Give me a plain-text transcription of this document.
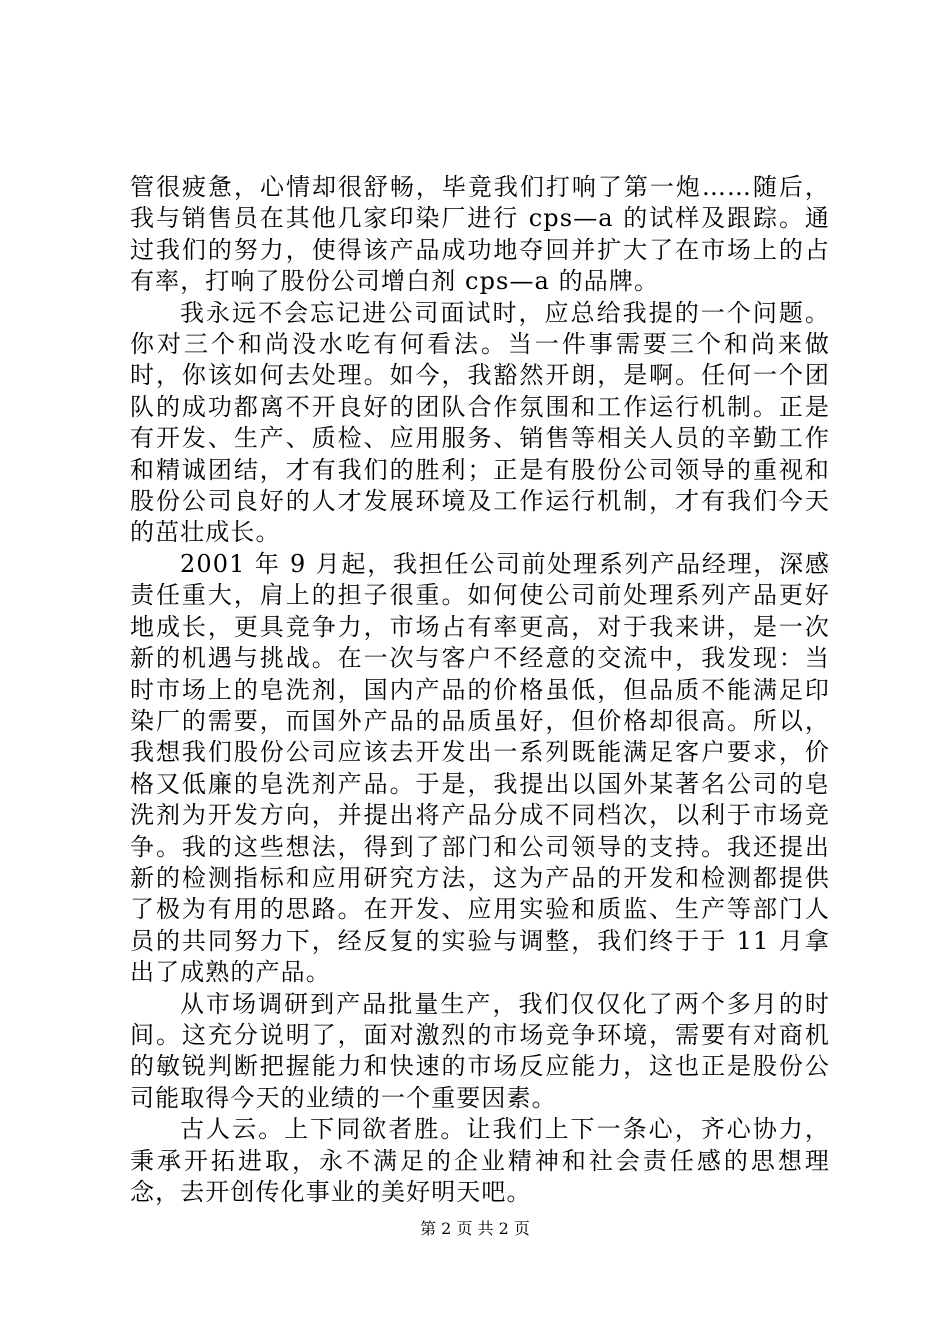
管很疲惫，心情却很舒畅，毕竟我们打响了第一炮……随后，我与销售员在其他几家印染厂进行 cps—a 的试样及跟踪。通过我们的努力，使得该产品成功地夺回并扩大了在市场上的占有率，打响了股份公司增白剂 cps—a 的品牌。

我永远不会忘记进公司面试时，应总给我提的一个问题。你对三个和尚没水吃有何看法。当一件事需要三个和尚来做时，你该如何去处理。如今，我豁然开朗，是啊。任何一个团队的成功都离不开良好的团队合作氛围和工作运行机制。正是有开发、生产、质检、应用服务、销售等相关人员的辛勤工作和精诚团结，才有我们的胜利；正是有股份公司领导的重视和股份公司良好的人才发展环境及工作运行机制，才有我们今天的茁壮成长。

2001 年 9 月起，我担任公司前处理系列产品经理，深感责任重大，肩上的担子很重。如何使公司前处理系列产品更好地成长，更具竞争力，市场占有率更高，对于我来讲，是一次新的机遇与挑战。在一次与客户不经意的交流中，我发现：当时市场上的皂洗剂，国内产品的价格虽低，但品质不能满足印染厂的需要，而国外产品的品质虽好，但价格却很高。所以，我想我们股份公司应该去开发出一系列既能满足客户要求，价格又低廉的皂洗剂产品。于是，我提出以国外某著名公司的皂洗剂为开发方向，并提出将产品分成不同档次，以利于市场竞争。我的这些想法，得到了部门和公司领导的支持。我还提出新的检测指标和应用研究方法，这为产品的开发和检测都提供了极为有用的思路。在开发、应用实验和质监、生产等部门人员的共同努力下，经反复的实验与调整，我们终于于 11 月拿出了成熟的产品。

从市场调研到产品批量生产，我们仅仅化了两个多月的时间。这充分说明了，面对激烈的市场竞争环境，需要有对商机的敏锐判断把握能力和快速的市场反应能力，这也正是股份公司能取得今天的业绩的一个重要因素。

古人云。上下同欲者胜。让我们上下一条心，齐心协力，秉承开拓进取，永不满足的企业精神和社会责任感的思想理念，去开创传化事业的美好明天吧。

第 2 页 共 2 页
